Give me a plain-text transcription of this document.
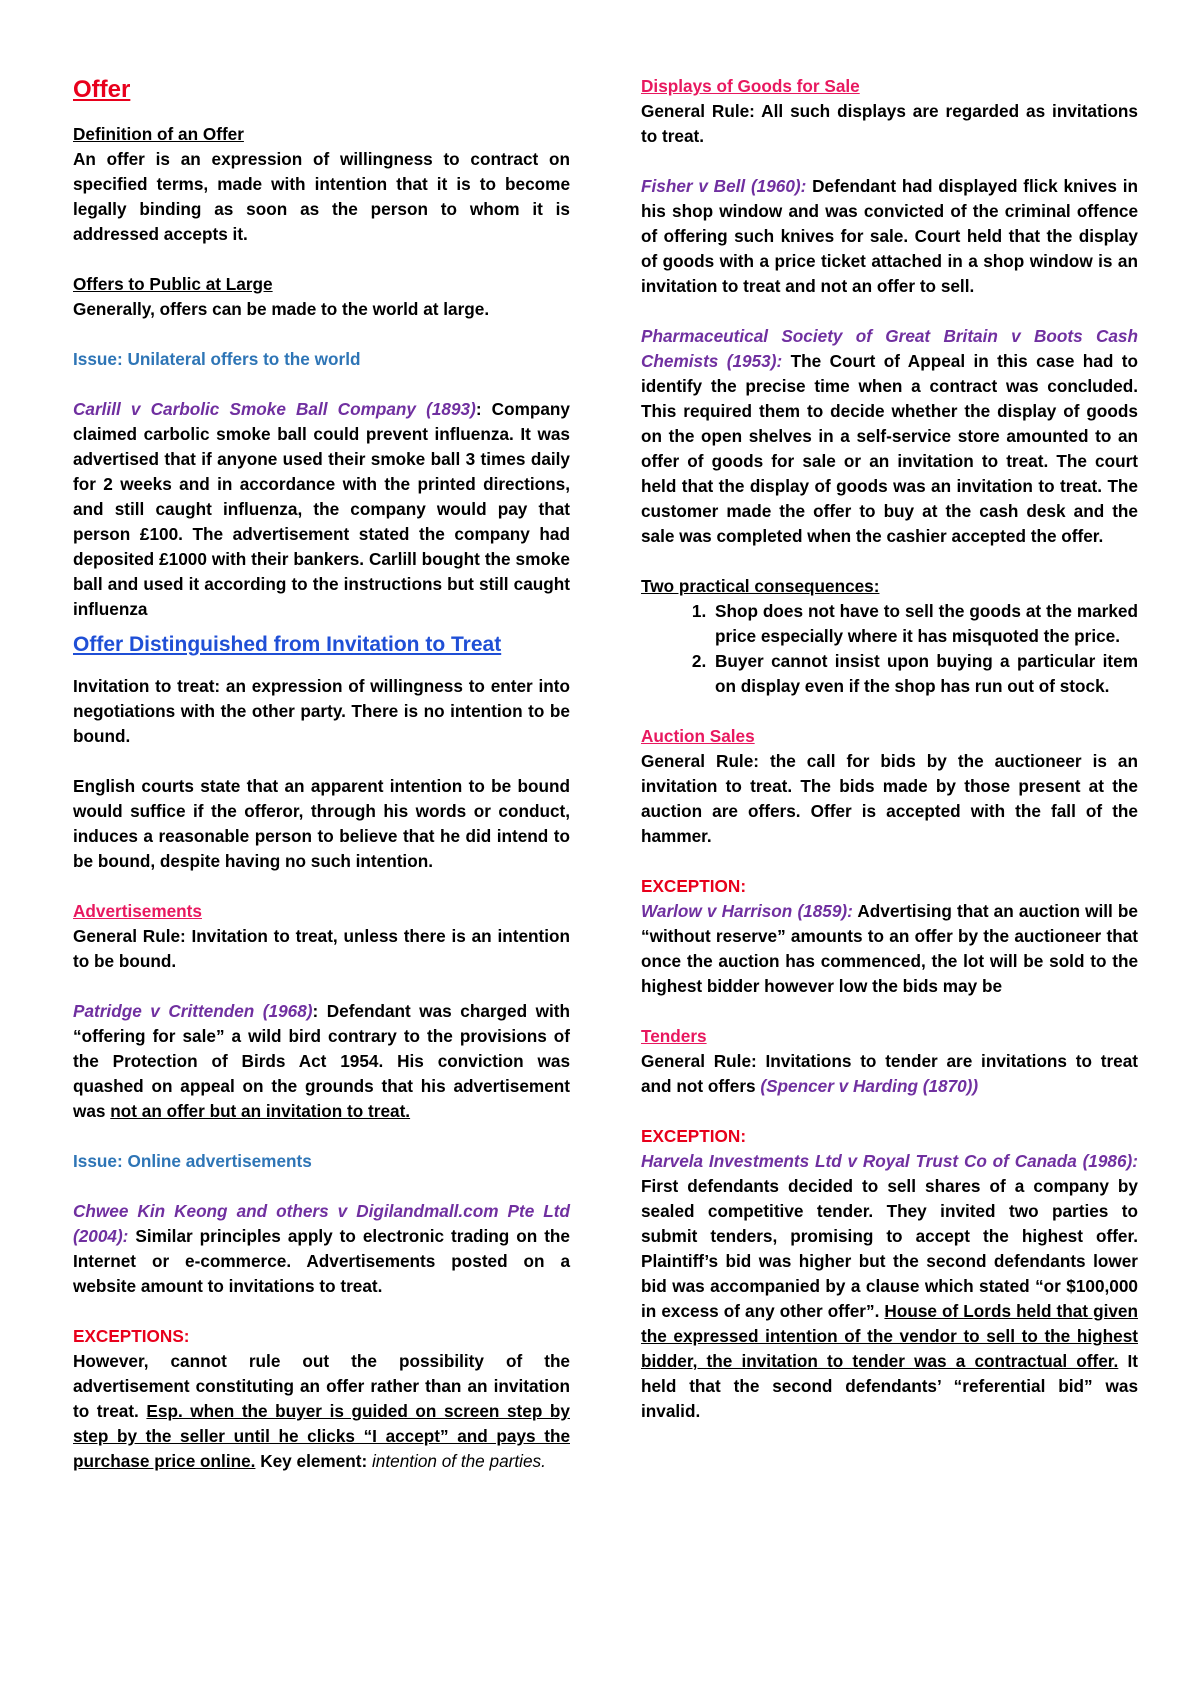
Offer

Definition of an Offer

An offer is an expression of willingness to contract on specified terms, made with intention that it is to become legally binding as soon as the person to whom it is addressed accepts it.

Offers to Public at Large

Generally, offers can be made to the world at large.

Issue: Unilateral offers to the world

Carlill v Carbolic Smoke Ball Company (1893): Company claimed carbolic smoke ball could prevent influenza. It was advertised that if anyone used their smoke ball 3 times daily for 2 weeks and in accordance with the printed directions, and still caught influenza, the company would pay that person £100. The advertisement stated the company had deposited £1000 with their bankers. Carlill bought the smoke ball and used it according to the instructions but still caught influenza

Offer Distinguished from Invitation to Treat

Invitation to treat: an expression of willingness to enter into negotiations with the other party. There is no intention to be bound.

English courts state that an apparent intention to be bound would suffice if the offeror, through his words or conduct, induces a reasonable person to believe that he did intend to be bound, despite having no such intention.

Advertisements

General Rule: Invitation to treat, unless there is an intention to be bound.

Patridge v Crittenden (1968): Defendant was charged with “offering for sale” a wild bird contrary to the provisions of the Protection of Birds Act 1954. His conviction was quashed on appeal on the grounds that his advertisement was not an offer but an invitation to treat.

Issue: Online advertisements

Chwee Kin Keong and others v Digilandmall.com Pte Ltd (2004): Similar principles apply to electronic trading on the Internet or e-commerce. Advertisements posted on a website amount to invitations to treat.

EXCEPTIONS:

However, cannot rule out the possibility of the advertisement constituting an offer rather than an invitation to treat. Esp. when the buyer is guided on screen step by step by the seller until he clicks “I accept” and pays the purchase price online. Key element: intention of the parties.

Displays of Goods for Sale

General Rule: All such displays are regarded as invitations to treat.

Fisher v Bell (1960): Defendant had displayed flick knives in his shop window and was convicted of the criminal offence of offering such knives for sale. Court held that the display of goods with a price ticket attached in a shop window is an invitation to treat and not an offer to sell.

Pharmaceutical Society of Great Britain v Boots Cash Chemists (1953): The Court of Appeal in this case had to identify the precise time when a contract was concluded. This required them to decide whether the display of goods on the open shelves in a self-service store amounted to an offer of goods for sale or an invitation to treat. The court held that the display of goods was an invitation to treat. The customer made the offer to buy at the cash desk and the sale was completed when the cashier accepted the offer.

Two practical consequences:

1. Shop does not have to sell the goods at the marked price especially where it has misquoted the price.
2. Buyer cannot insist upon buying a particular item on display even if the shop has run out of stock.

Auction Sales

General Rule: the call for bids by the auctioneer is an invitation to treat. The bids made by those present at the auction are offers. Offer is accepted with the fall of the hammer.

EXCEPTION:

Warlow v Harrison (1859): Advertising that an auction will be “without reserve” amounts to an offer by the auctioneer that once the auction has commenced, the lot will be sold to the highest bidder however low the bids may be

Tenders

General Rule: Invitations to tender are invitations to treat and not offers (Spencer v Harding (1870))

EXCEPTION:

Harvela Investments Ltd v Royal Trust Co of Canada (1986): First defendants decided to sell shares of a company by sealed competitive tender. They invited two parties to submit tenders, promising to accept the highest offer. Plaintiff’s bid was higher but the second defendants lower bid was accompanied by a clause which stated “or $100,000 in excess of any other offer”. House of Lords held that given the expressed intention of the vendor to sell to the highest bidder, the invitation to tender was a contractual offer. It held that the second defendants’ “referential bid” was invalid.
